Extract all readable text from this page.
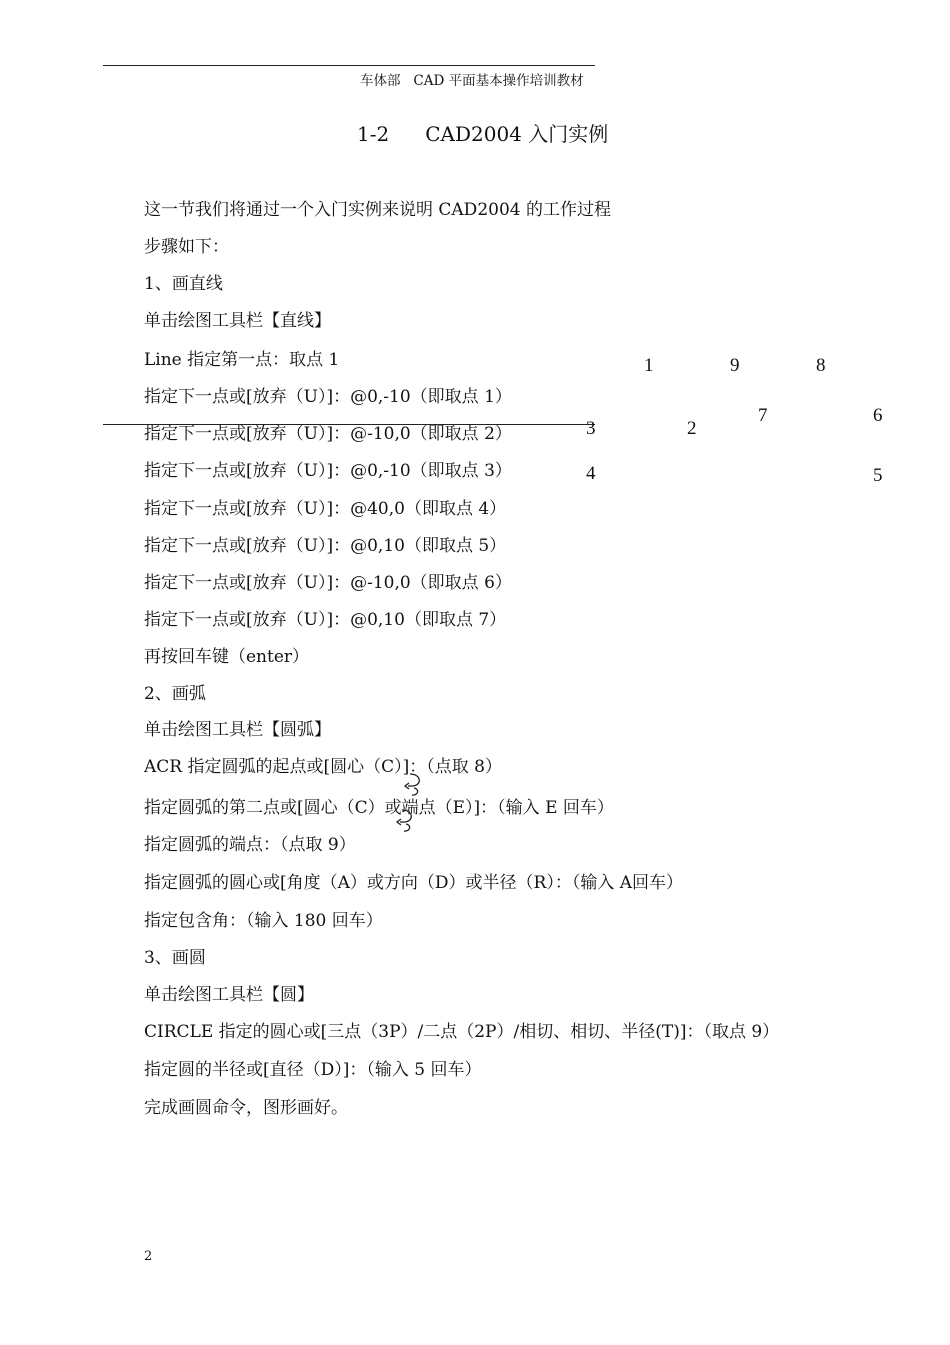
车体部 CAD 平面基本操作培训教材
1-2 CAD2004 入门实例
这一节我们将通过一个入门实例来说明 CAD2004 的工作过程
步骤如下：
1、画直线
单击绘图工具栏【直线】
Line 指定第一点：取点 1
指定下一点或[放弃（U）]：@0,-10（即取点 1）
指定下一点或[放弃（U）]：@-10,0（即取点 2）
指定下一点或[放弃（U）]：@0,-10（即取点 3）
指定下一点或[放弃（U）]：@40,0（即取点 4）
指定下一点或[放弃（U）]：@0,10（即取点 5）
指定下一点或[放弃（U）]：@-10,0（即取点 6）
指定下一点或[放弃（U）]：@0,10（即取点 7）
再按回车键（enter）
2、画弧
单击绘图工具栏【圆弧】
ACR 指定圆弧的起点或[圆心（C）]：（点取 8）
指定圆弧的第二点或[圆心（C）或端点（E）]：（输入 E 回车）
指定圆弧的端点：（点取 9）
指定圆弧的圆心或[角度（A）或方向（D）或半径（R）：（输入 A回车）
指定包含角：（输入 180 回车）
3、画圆
单击绘图工具栏【圆】
CIRCLE 指定的圆心或[三点（3P）/二点（2P）/相切、相切、半径(T)]：（取点 9）
指定圆的半径或[直径（D）]：（输入 5 回车）
完成画圆命令，图形画好。
1	9	8
7	6
3	2
4	5
2
